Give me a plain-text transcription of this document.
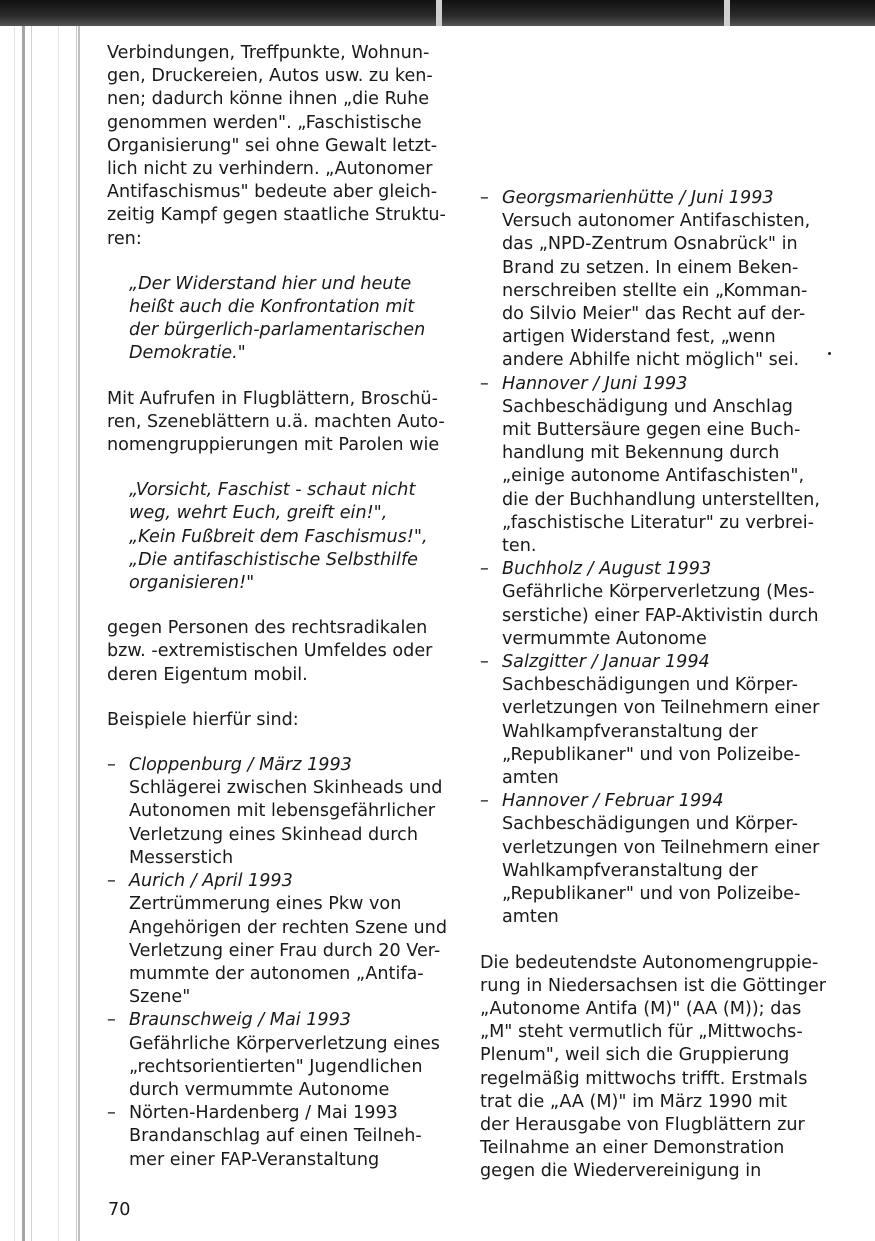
Verbindungen, Treffpunkte, Wohnun-

gen, Druckereien, Autos usw. zu ken-

nen; dadurch könne ihnen „die Ruhe

genommen werden". „Faschistische

Organisierung" sei ohne Gewalt letzt-

lich nicht zu verhindern. „Autonomer

Antifaschismus" bedeute aber gleich-

zeitig Kampf gegen staatliche Struktu-

ren:

„Der Widerstand hier und heute

heißt auch die Konfrontation mit

der bürgerlich-parlamentarischen

Demokratie."

Mit Aufrufen in Flugblättern, Broschü-

ren, Szeneblättern u.ä. machten Auto-

nomengruppierungen mit Parolen wie

„Vorsicht, Faschist - schaut nicht

weg, wehrt Euch, greift ein!",

„Kein Fußbreit dem Faschismus!",

„Die antifaschistische Selbsthilfe

organisieren!"

gegen Personen des rechtsradikalen

bzw. -extremistischen Umfeldes oder

deren Eigentum mobil.

Beispiele hierfür sind:

– Cloppenburg / März 1993

Schlägerei zwischen Skinheads und

Autonomen mit lebensgefährlicher

Verletzung eines Skinhead durch

Messerstich

– Aurich / April 1993

Zertrümmerung eines Pkw von

Angehörigen der rechten Szene und

Verletzung einer Frau durch 20 Ver-

mummte der autonomen „Antifa-

Szene"

– Braunschweig / Mai 1993

Gefährliche Körperverletzung eines

„rechtsorientierten" Jugendlichen

durch vermummte Autonome

– Nörten-Hardenberg / Mai 1993

Brandanschlag auf einen Teilneh-

mer einer FAP-Veranstaltung

– Georgsmarienhütte / Juni 1993

Versuch autonomer Antifaschisten,

das „NPD-Zentrum Osnabrück" in

Brand zu setzen. In einem Beken-

nerschreiben stellte ein „Komman-

do Silvio Meier" das Recht auf der-

artigen Widerstand fest, „wenn

andere Abhilfe nicht möglich" sei.

– Hannover / Juni 1993

Sachbeschädigung und Anschlag

mit Buttersäure gegen eine Buch-

handlung mit Bekennung durch

„einige autonome Antifaschisten",

die der Buchhandlung unterstellten,

„faschistische Literatur" zu verbrei-

ten.

– Buchholz / August 1993

Gefährliche Körperverletzung (Mes-

serstiche) einer FAP-Aktivistin durch

vermummte Autonome

– Salzgitter / Januar 1994

Sachbeschädigungen und Körper-

verletzungen von Teilnehmern einer

Wahlkampfveranstaltung der

„Republikaner" und von Polizeibe-

amten

– Hannover / Februar 1994

Sachbeschädigungen und Körper-

verletzungen von Teilnehmern einer

Wahlkampfveranstaltung der

„Republikaner" und von Polizeibe-

amten

Die bedeutendste Autonomengruppie-

rung in Niedersachsen ist die Göttinger

„Autonome Antifa (M)" (AA (M)); das

„M" steht vermutlich für „Mittwochs-

Plenum", weil sich die Gruppierung

regelmäßig mittwochs trifft. Erstmals

trat die „AA (M)" im März 1990 mit

der Herausgabe von Flugblättern zur

Teilnahme an einer Demonstration

gegen die Wiedervereinigung in

70
